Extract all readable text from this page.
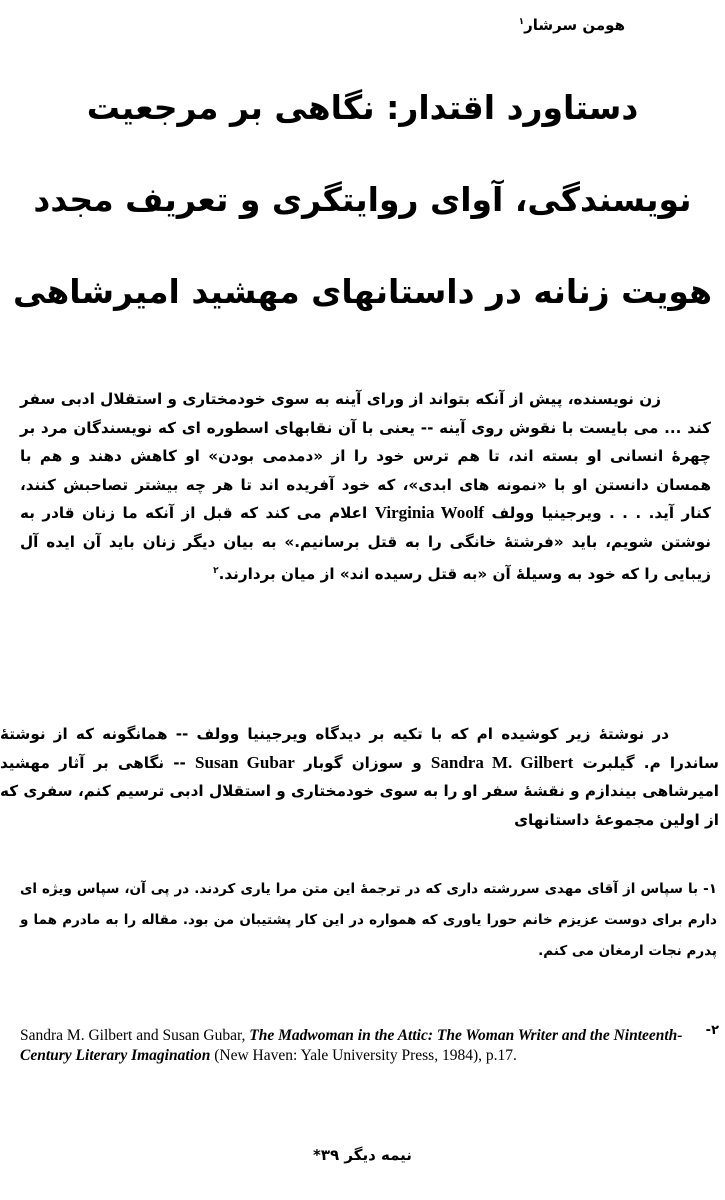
هومن سرشار$^۱$
دستاورد اقتدار: نگاهی بر مرجعیت
نویسندگی، آوای روایتگری و تعریف مجدد
هویت زنانه در داستانهای مهشید امیرشاهی
زن نویسنده، پیش از آنکه بتواند از ورای آینه به سوی خودمختاری و استقلال ادبی سفر کند ... می بایست با نقوش روی آینه -- یعنی با آن نقابهای اسطوره ای که نویسندگان مرد بر چهرهٔ انسانی او بسته اند، تا هم ترس خود را از «دمدمی بودن» او کاهش دهند و هم با همسان دانستن او با «نمونه های ابدی»، که خود آفریده اند تا هر چه بیشتر تصاحبش کنند، کنار آید. . . . ویرجینیا وولف Virginia Woolf اعلام می کند که قبل از آنکه ما زنان قادر به نوشتن شویم، باید «فرشتهٔ خانگی را به قتل برسانیم.» به بیان دیگر زنان باید آن ایده آل زیبایی را که خود به وسیلهٔ آن «به قتل رسیده اند» از میان بردارند.$^۲$
در نوشتهٔ زیر کوشیده ام که با تکیه بر دیدگاه ویرجینیا وولف -- همانگونه که از نوشتهٔ ساندرا م. گیلبرت Sandra M. Gilbert و سوزان گوبار Susan Gubar -- نگاهی بر آثار مهشید امیرشاهی بیندازم و نقشهٔ سفر او را به سوی خودمختاری و استقلال ادبی ترسیم کنم، سفری که از اولین مجموعهٔ داستانهای
۱- با سپاس از آقای مهدی سررشته داری که در ترجمهٔ این متن مرا یاری کردند. در پی آن، سپاس ویژه ای دارم برای دوست عزیزم خانم حورا یاوری که همواره در این کار پشتیبان من بود. مقاله را به مادرم هما و پدرم نجات ارمغان می کنم.
۲-
Sandra M. Gilbert and Susan Gubar, The Madwoman in the Attic: The Woman Writer and the Ninteenth-Century Literary Imagination (New Haven: Yale University Press, 1984), p.17.
نیمه دیگر ۳۹*
